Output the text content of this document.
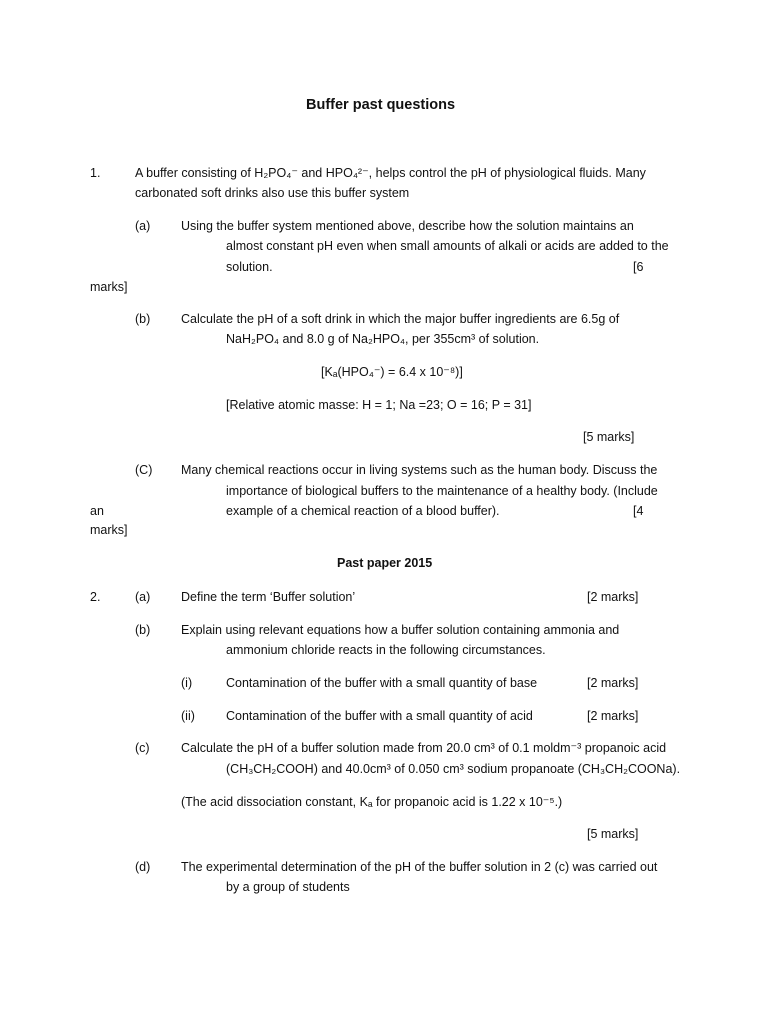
Buffer past questions
1.	A buffer consisting of H₂PO₄⁻ and HPO₄²⁻, helps control the pH of physiological fluids. Many
carbonated soft drinks also use this buffer system
(a) Using the buffer system mentioned above, describe how the solution maintains an
almost constant pH even when small amounts of alkali or acids are added to the
solution.	[6
marks]
(b) Calculate the pH of a soft drink in which the major buffer ingredients are 6.5g of
NaH₂PO₄ and 8.0 g of Na₂HPO₄, per 355cm³ of solution.
[Kₐ(HPO₄⁻) = 6.4 x 10⁻⁸)]
[Relative atomic masse: H = 1; Na =23; O = 16; P = 31]
[5 marks]
(C) Many chemical reactions occur in living systems such as the human body. Discuss the
importance of biological buffers to the maintenance of a healthy body. (Include
an	example of a chemical reaction of a blood buffer).	[4
marks]
Past paper 2015
2.	(a) Define the term ‘Buffer solution’	[2 marks]
(b) Explain using relevant equations how a buffer solution containing ammonia and
ammonium chloride reacts in the following circumstances.
(i)	Contamination of the buffer with a small quantity of base	[2 marks]
(ii) Contamination of the buffer with a small quantity of acid	[2 marks]
(c)	Calculate the pH of a buffer solution made from 20.0 cm³ of 0.1 moldm⁻³ propanoic acid
(CH₃CH₂COOH) and 40.0cm³ of 0.050 cm³ sodium propanoate (CH₃CH₂COONa).
(The acid dissociation constant, Kₐ for propanoic acid is 1.22 x 10⁻⁵.)
[5 marks]
(d) The experimental determination of the pH of the buffer solution in 2 (c) was carried out
by a group of students
